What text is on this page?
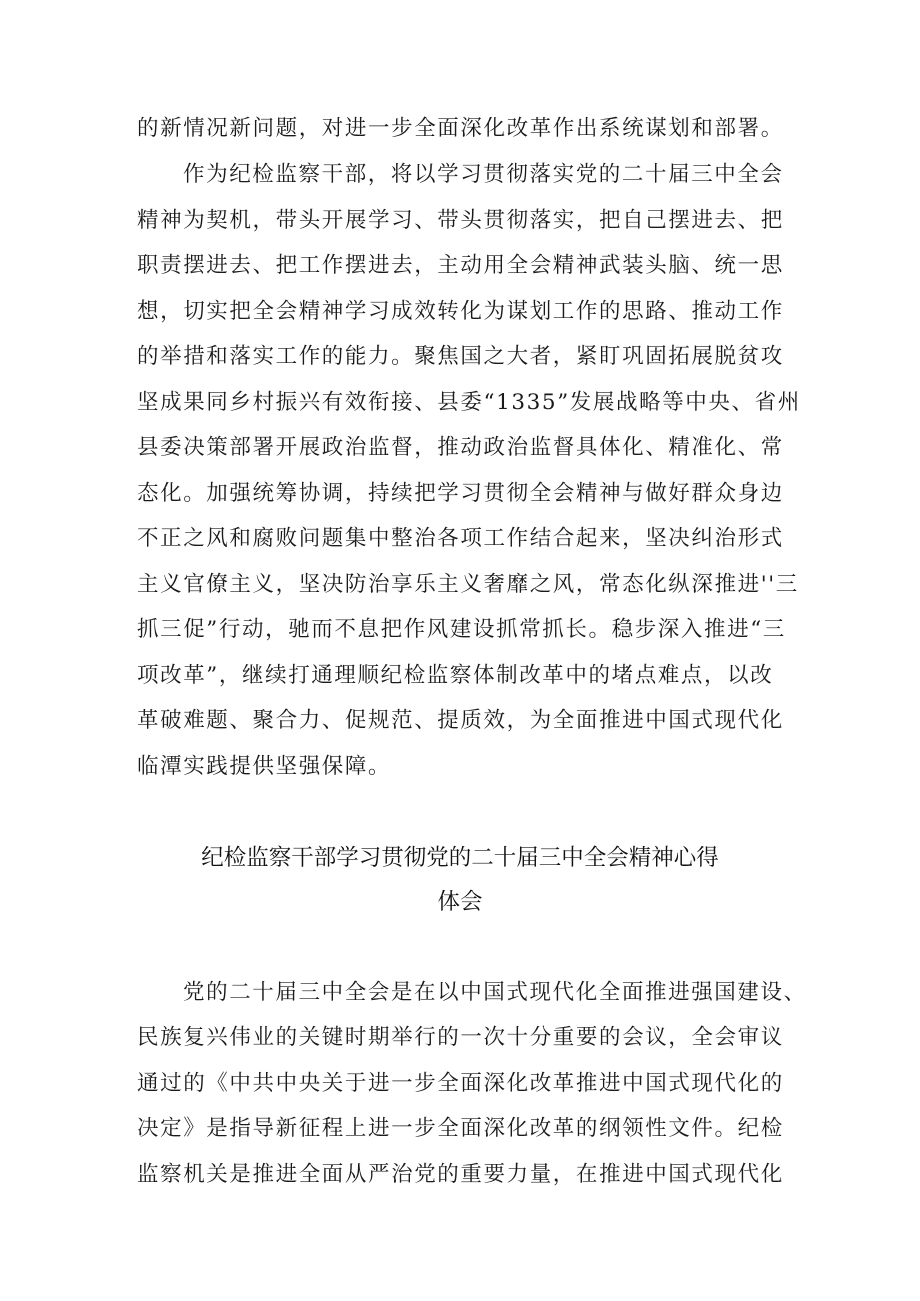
的新情况新问题，对进一步全面深化改革作出系统谋划和部署。
作为纪检监察干部，将以学习贯彻落实党的二十届三中全会
精神为契机，带头开展学习、带头贯彻落实，把自己摆进去、把
职责摆进去、把工作摆进去，主动用全会精神武装头脑、统一思
想，切实把全会精神学习成效转化为谋划工作的思路、推动工作
的举措和落实工作的能力。聚焦国之大者，紧盯巩固拓展脱贫攻
坚成果同乡村振兴有效衔接、县委“1335”发展战略等中央、省州
县委决策部署开展政治监督，推动政治监督具体化、精准化、常
态化。加强统筹协调，持续把学习贯彻全会精神与做好群众身边
不正之风和腐败问题集中整治各项工作结合起来，坚决纠治形式
主义官僚主义，坚决防治享乐主义奢靡之风，常态化纵深推进''三
抓三促”行动，驰而不息把作风建设抓常抓长。稳步深入推进“三
项改革”，继续打通理顺纪检监察体制改革中的堵点难点，以改
革破难题、聚合力、促规范、提质效，为全面推进中国式现代化
临潭实践提供坚强保障。
纪检监察干部学习贯彻党的二十届三中全会精神心得
体会
党的二十届三中全会是在以中国式现代化全面推进强国建设、
民族复兴伟业的关键时期举行的一次十分重要的会议，全会审议
通过的《中共中央关于进一步全面深化改革推进中国式现代化的
决定》是指导新征程上进一步全面深化改革的纲领性文件。纪检
监察机关是推进全面从严治党的重要力量，在推进中国式现代化
